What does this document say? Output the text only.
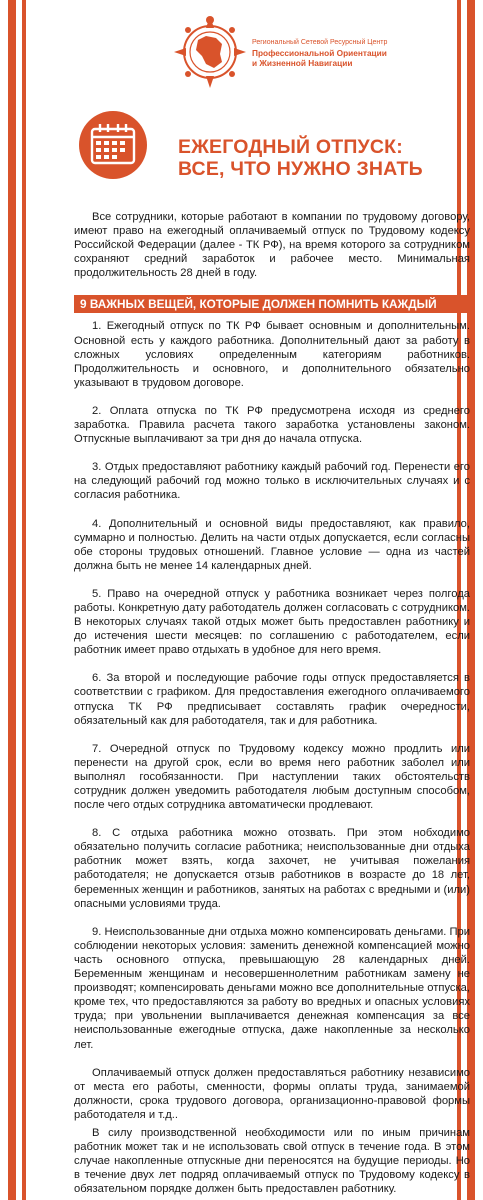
Региональный Сетевой Ресурсный Центр
Профессиональной Ориентации
и Жизненной Навигации
ЕЖЕГОДНЫЙ ОТПУСК:
ВСЕ, ЧТО НУЖНО ЗНАТЬ

Все сотрудники, которые работают в компании по трудовому договору, имеют право на ежегодный оплачиваемый отпуск по Трудовому кодексу Российской Федерации (далее - ТК РФ), на время которого за сотрудником сохраняют средний заработок и рабочее место. Минимальная продолжительность 28 дней в году.

9 ВАЖНЫХ ВЕЩЕЙ, КОТОРЫЕ ДОЛЖЕН ПОМНИТЬ КАЖДЫЙ

1. Ежегодный отпуск по ТК РФ бывает основным и дополнительным. Основной есть у каждого работника. Дополнительный дают за работу в сложных условиях определенным категориям работников. Продолжительность и основного, и дополнительного обязательно указывают в трудовом договоре.

2. Оплата отпуска по ТК РФ предусмотрена исходя из среднего заработка. Правила расчета такого заработка установлены законом. Отпускные выплачивают за три дня до начала отпуска.

3. Отдых предоставляют работнику каждый рабочий год. Перенести его на следующий рабочий год можно только в исключительных случаях и с согласия работника.

4. Дополнительный и основной виды предоставляют, как правило, суммарно и полностью. Делить на части отдых допускается, если согласны обе стороны трудовых отношений. Главное условие — одна из частей должна быть не менее 14 календарных дней.

5. Право на очередной отпуск у работника возникает через полгода работы. Конкретную дату работодатель должен согласовать с сотрудником. В некоторых случаях такой отдых может быть предоставлен работнику и до истечения шести месяцев: по соглашению с работодателем, если работник имеет право отдыхать в удобное для него время.

6. За второй и последующие рабочие годы отпуск предоставляется в соответствии с графиком. Для предоставления ежегодного оплачиваемого отпуска ТК РФ предписывает составлять график очередности, обязательный как для работодателя, так и для работника.

7. Очередной отпуск по Трудовому кодексу можно продлить или перенести на другой срок, если во время него работник заболел или выполнял гособязанности. При наступлении таких обстоятельств сотрудник должен уведомить работодателя любым доступным способом, после чего отдых сотрудника автоматически продлевают.

8. С отдыха работника можно отозвать. При этом нобходимо обязательно получить согласие работника; неиспользованные дни отдыха работник может взять, когда захочет, не учитывая пожелания работодателя; не допускается отзыв работников в возрасте до 18 лет, беременных женщин и работников, занятых на работах с вредными и (или) опасными условиями труда.

9. Неиспользованные дни отдыха можно компенсировать деньгами. При соблюдении некоторых условия: заменить денежной компенсацией можно часть основного отпуска, превышающую 28 календарных дней. Беременным женщинам и несовершеннолетним работникам замену не производят; компенсировать деньгами можно все дополнительные отпуска, кроме тех, что предоставляются за работу во вредных и опасных условиях труда; при увольнении выплачивается денежная компенсация за все неиспользованные ежегодные отпуска, даже накопленные за несколько лет.

Оплачиваемый отпуск должен предоставляться работнику независимо от места его работы, сменности, формы оплаты труда, занимаемой должности, срока трудового договора, организационно-правовой формы работодателя и т.д..

В силу производственной необходимости или по иным причинам работник может так и не использовать свой отпуск в течение года. В этом случае накопленные отпускные дни переносятся на будущие периоды. Но в течение двух лет подряд оплачиваемый отпуск по Трудовому кодексу в обязательном порядке должен быть предоставлен работнику.
